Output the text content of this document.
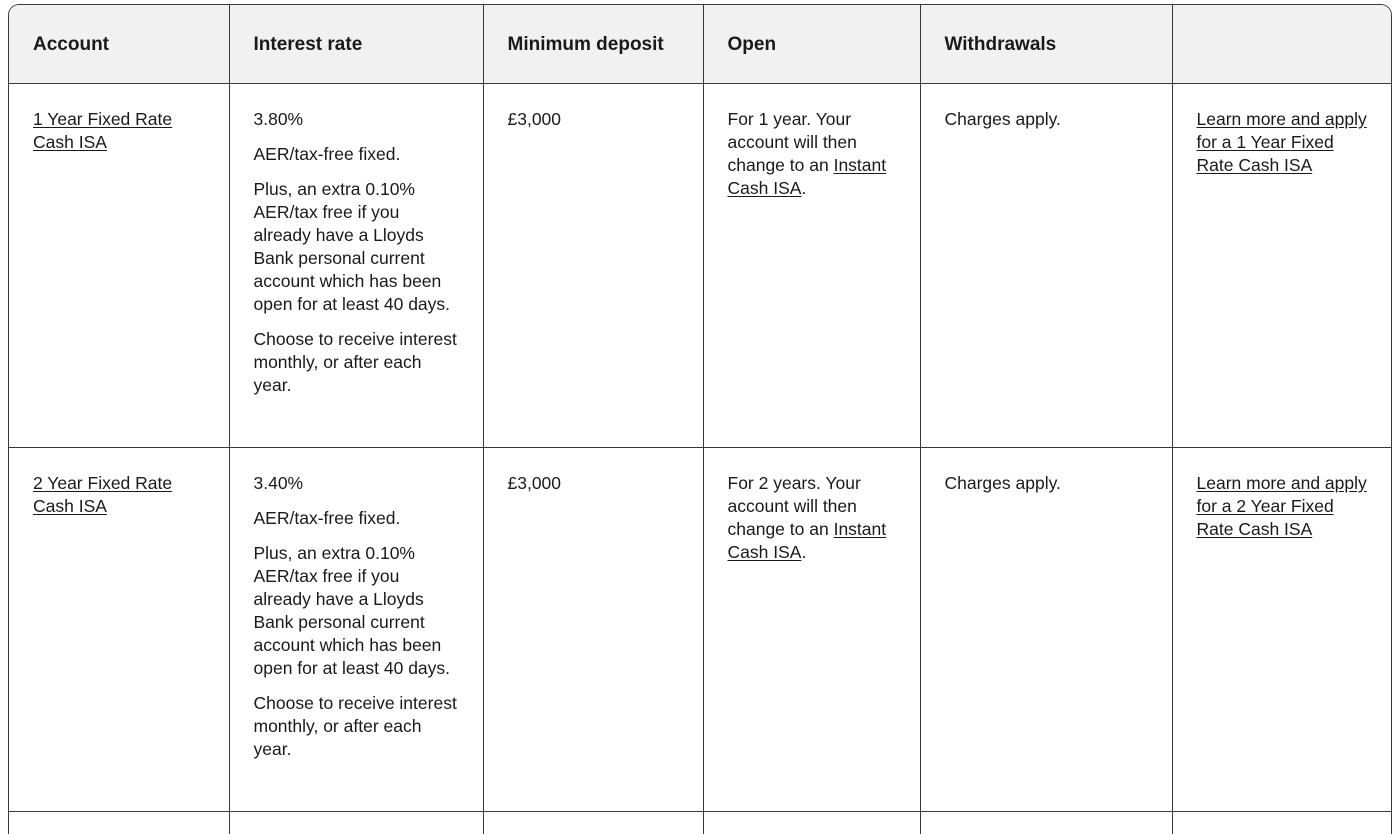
Account	Interest rate	Minimum deposit	Open	Withdrawals	
1 Year Fixed Rate Cash ISA	3.80%

AER/tax-free fixed.

Plus, an extra 0.10% AER/tax free if you already have a Lloyds Bank personal current account which has been open for at least 40 days.

Choose to receive interest monthly, or after each year.	£3,000	For 1 year. Your account will then change to an Instant Cash ISA.	Charges apply.	Learn more and apply for a 1 Year Fixed Rate Cash ISA
2 Year Fixed Rate Cash ISA	3.40%

AER/tax-free fixed.

Plus, an extra 0.10% AER/tax free if you already have a Lloyds Bank personal current account which has been open for at least 40 days.

Choose to receive interest monthly, or after each year.	£3,000	For 2 years. Your account will then change to an Instant Cash ISA.	Charges apply.	Learn more and apply for a 2 Year Fixed Rate Cash ISA
